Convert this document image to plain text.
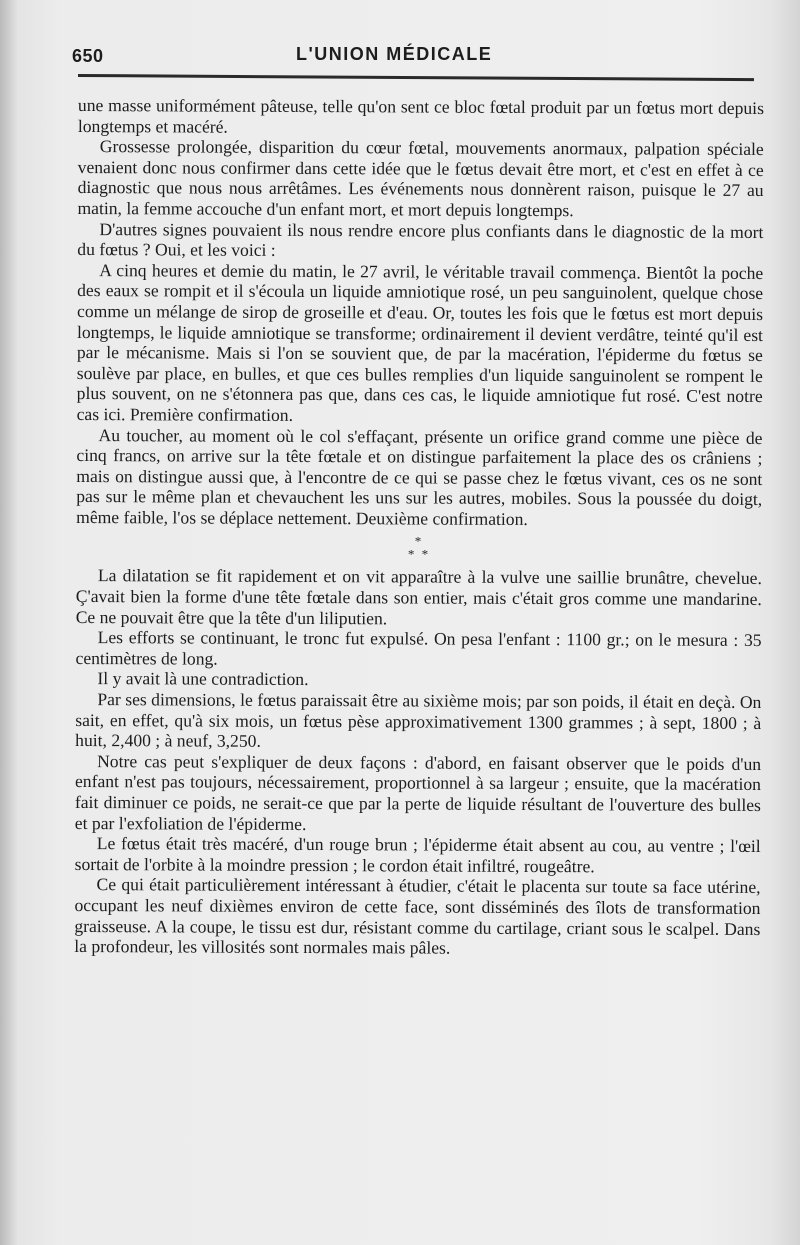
650	L'UNION MÉDICALE

une masse uniformément pâteuse, telle qu'on sent ce bloc fœtal produit par un fœtus mort depuis longtemps et macéré.

Grossesse prolongée, disparition du cœur fœtal, mouvements anormaux, palpation spéciale venaient donc nous confirmer dans cette idée que le fœtus devait être mort, et c'est en effet à ce diagnostic que nous nous arrêtâmes. Les événements nous donnèrent raison, puisque le 27 au matin, la femme accouche d'un enfant mort, et mort depuis longtemps.

D'autres signes pouvaient ils nous rendre encore plus confiants dans le diagnostic de la mort du fœtus ? Oui, et les voici :

A cinq heures et demie du matin, le 27 avril, le véritable travail commença. Bientôt la poche des eaux se rompit et il s'écoula un liquide amniotique rosé, un peu sanguinolent, quelque chose comme un mélange de sirop de groseille et d'eau. Or, toutes les fois que le fœtus est mort depuis longtemps, le liquide amniotique se transforme; ordinairement il devient verdâtre, teinté qu'il est par le mécanisme. Mais si l'on se souvient que, de par la macération, l'épiderme du fœtus se soulève par place, en bulles, et que ces bulles remplies d'un liquide sanguinolent se rompent le plus souvent, on ne s'étonnera pas que, dans ces cas, le liquide amniotique fut rosé. C'est notre cas ici. Première confirmation.

Au toucher, au moment où le col s'effaçant, présente un orifice grand comme une pièce de cinq francs, on arrive sur la tête fœtale et on distingue parfaitement la place des os crâniens ; mais on distingue aussi que, à l'encontre de ce qui se passe chez le fœtus vivant, ces os ne sont pas sur le même plan et chevauchent les uns sur les autres, mobiles. Sous la poussée du doigt, même faible, l'os se déplace nettement. Deuxième confirmation.

*
* *

La dilatation se fit rapidement et on vit apparaître à la vulve une saillie brunâtre, chevelue. Ç'avait bien la forme d'une tête fœtale dans son entier, mais c'était gros comme une mandarine. Ce ne pouvait être que la tête d'un liliputien.

Les efforts se continuant, le tronc fut expulsé. On pesa l'enfant : 1100 gr.; on le mesura : 35 centimètres de long.

Il y avait là une contradiction.

Par ses dimensions, le fœtus paraissait être au sixième mois; par son poids, il était en deçà. On sait, en effet, qu'à six mois, un fœtus pèse approximativement 1300 grammes ; à sept, 1800 ; à huit, 2,400 ; à neuf, 3,250.

Notre cas peut s'expliquer de deux façons : d'abord, en faisant observer que le poids d'un enfant n'est pas toujours, nécessairement, proportionnel à sa largeur ; ensuite, que la macération fait diminuer ce poids, ne serait-ce que par la perte de liquide résultant de l'ouverture des bulles et par l'exfoliation de l'épiderme.

Le fœtus était très macéré, d'un rouge brun ; l'épiderme était absent au cou, au ventre ; l'œil sortait de l'orbite à la moindre pression ; le cordon était infiltré, rougeâtre.

Ce qui était particulièrement intéressant à étudier, c'était le placenta sur toute sa face utérine, occupant les neuf dixièmes environ de cette face, sont disséminés des îlots de transformation graisseuse. A la coupe, le tissu est dur, résistant comme du cartilage, criant sous le scalpel. Dans la profondeur, les villosités sont normales mais pâles.
